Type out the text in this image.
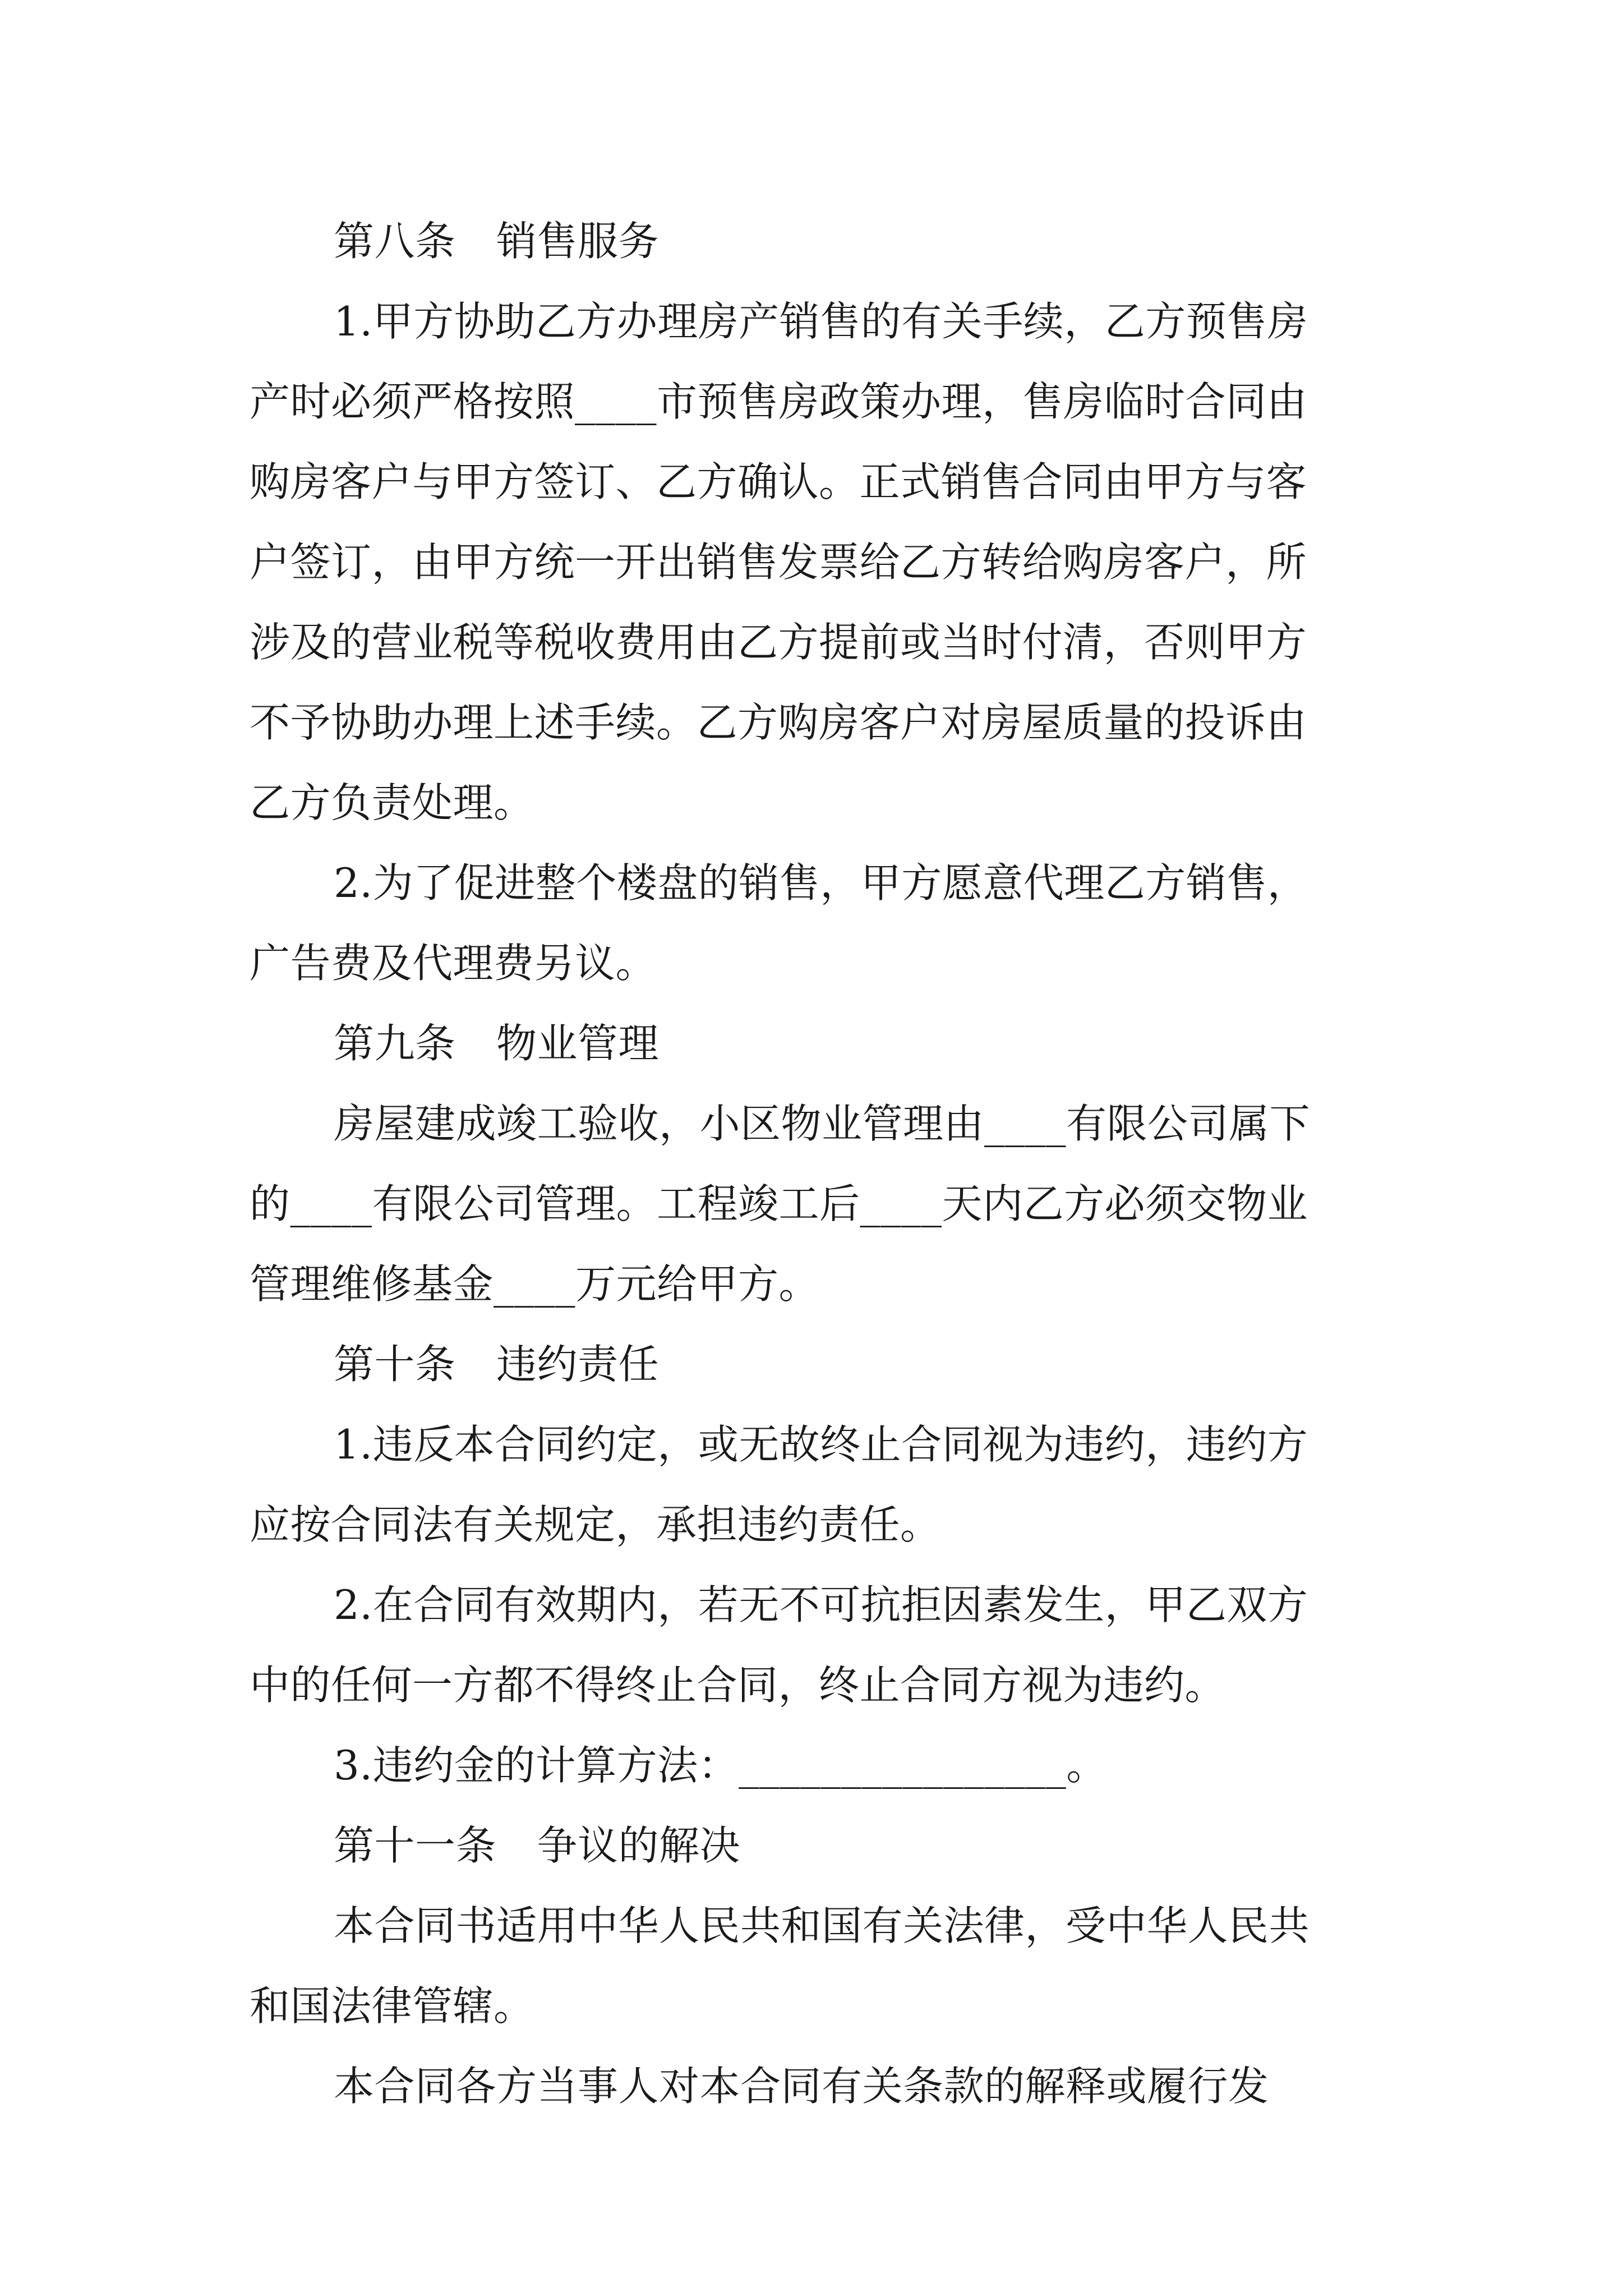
第八条　销售服务
1.甲方协助乙方办理房产销售的有关手续，乙方预售房
产时必须严格按照____市预售房政策办理，售房临时合同由
购房客户与甲方签订、乙方确认。正式销售合同由甲方与客
户签订，由甲方统一开出销售发票给乙方转给购房客户，所
涉及的营业税等税收费用由乙方提前或当时付清，否则甲方
不予协助办理上述手续。乙方购房客户对房屋质量的投诉由
乙方负责处理。
2.为了促进整个楼盘的销售，甲方愿意代理乙方销售，
广告费及代理费另议。
第九条　物业管理
房屋建成竣工验收，小区物业管理由____有限公司属下
的____有限公司管理。工程竣工后____天内乙方必须交物业
管理维修基金____万元给甲方。
第十条　违约责任
1.违反本合同约定，或无故终止合同视为违约，违约方
应按合同法有关规定，承担违约责任。
2.在合同有效期内，若无不可抗拒因素发生，甲乙双方
中的任何一方都不得终止合同，终止合同方视为违约。
3.违约金的计算方法：________________。
第十一条　争议的解决
本合同书适用中华人民共和国有关法律，受中华人民共
和国法律管辖。
本合同各方当事人对本合同有关条款的解释或履行发
